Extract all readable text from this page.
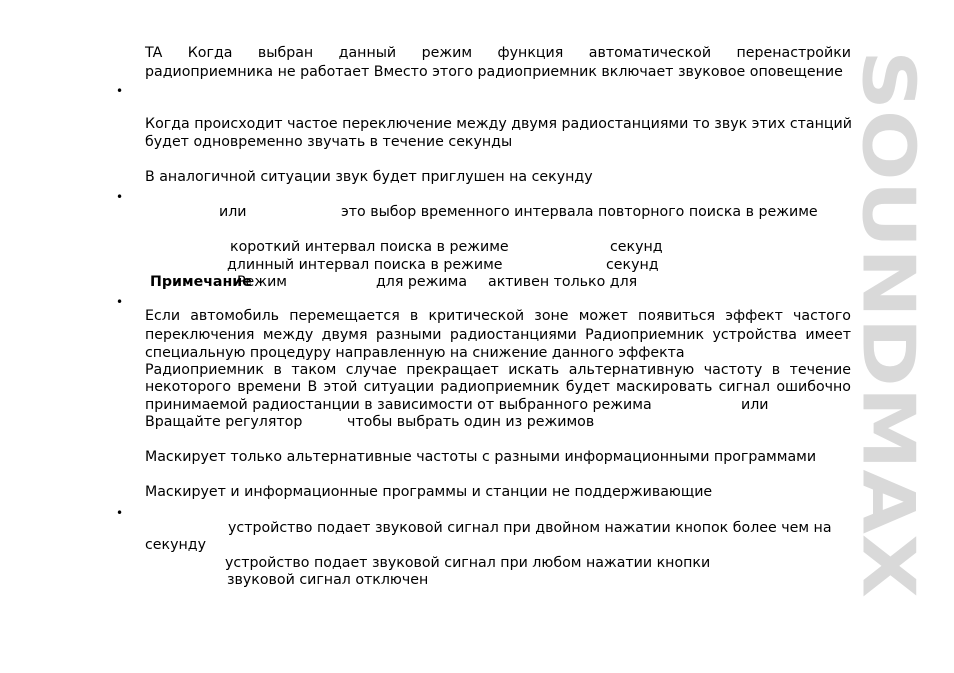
SOUNDMAX
•
•
•
•
TA Когда выбран данный режим функция автоматической перенастройки
радиоприемника не работает Вместо этого радиоприемник включает звуковое оповещение
Когда происходит частое переключение между двумя радиостанциями то звук этих станций
будет одновременно звучать в течение секунды
В аналогичной ситуации звук будет приглушен на секунду
или	это выбор временного интервала повторного поиска в режиме
короткий интервал поиска в режиме	секунд
длинный интервал поиска в режиме	секунд
Примечание
Режим	для режима активен только для
Если автомобиль перемещается в критической зоне может появиться эффект частого
переключения между двумя разными радиостанциями Радиоприемник устройства имеет
специальную процедуру направленную на снижение данного эффекта
Радиоприемник в таком случае прекращает искать альтернативную частоту в течение
некоторого времени В этой ситуации радиоприемник будет маскировать сигнал ошибочно
принимаемой радиостанции в зависимости от выбранного режима	или
Вращайте регулятор	чтобы выбрать один из режимов
Маскирует только альтернативные частоты с разными информационными программами
Маскирует и информационные программы и станции не поддерживающие
устройство подает звуковой сигнал при двойном нажатии кнопок более чем на
секунду
устройство подает звуковой сигнал при любом нажатии кнопки
звуковой сигнал отключен
